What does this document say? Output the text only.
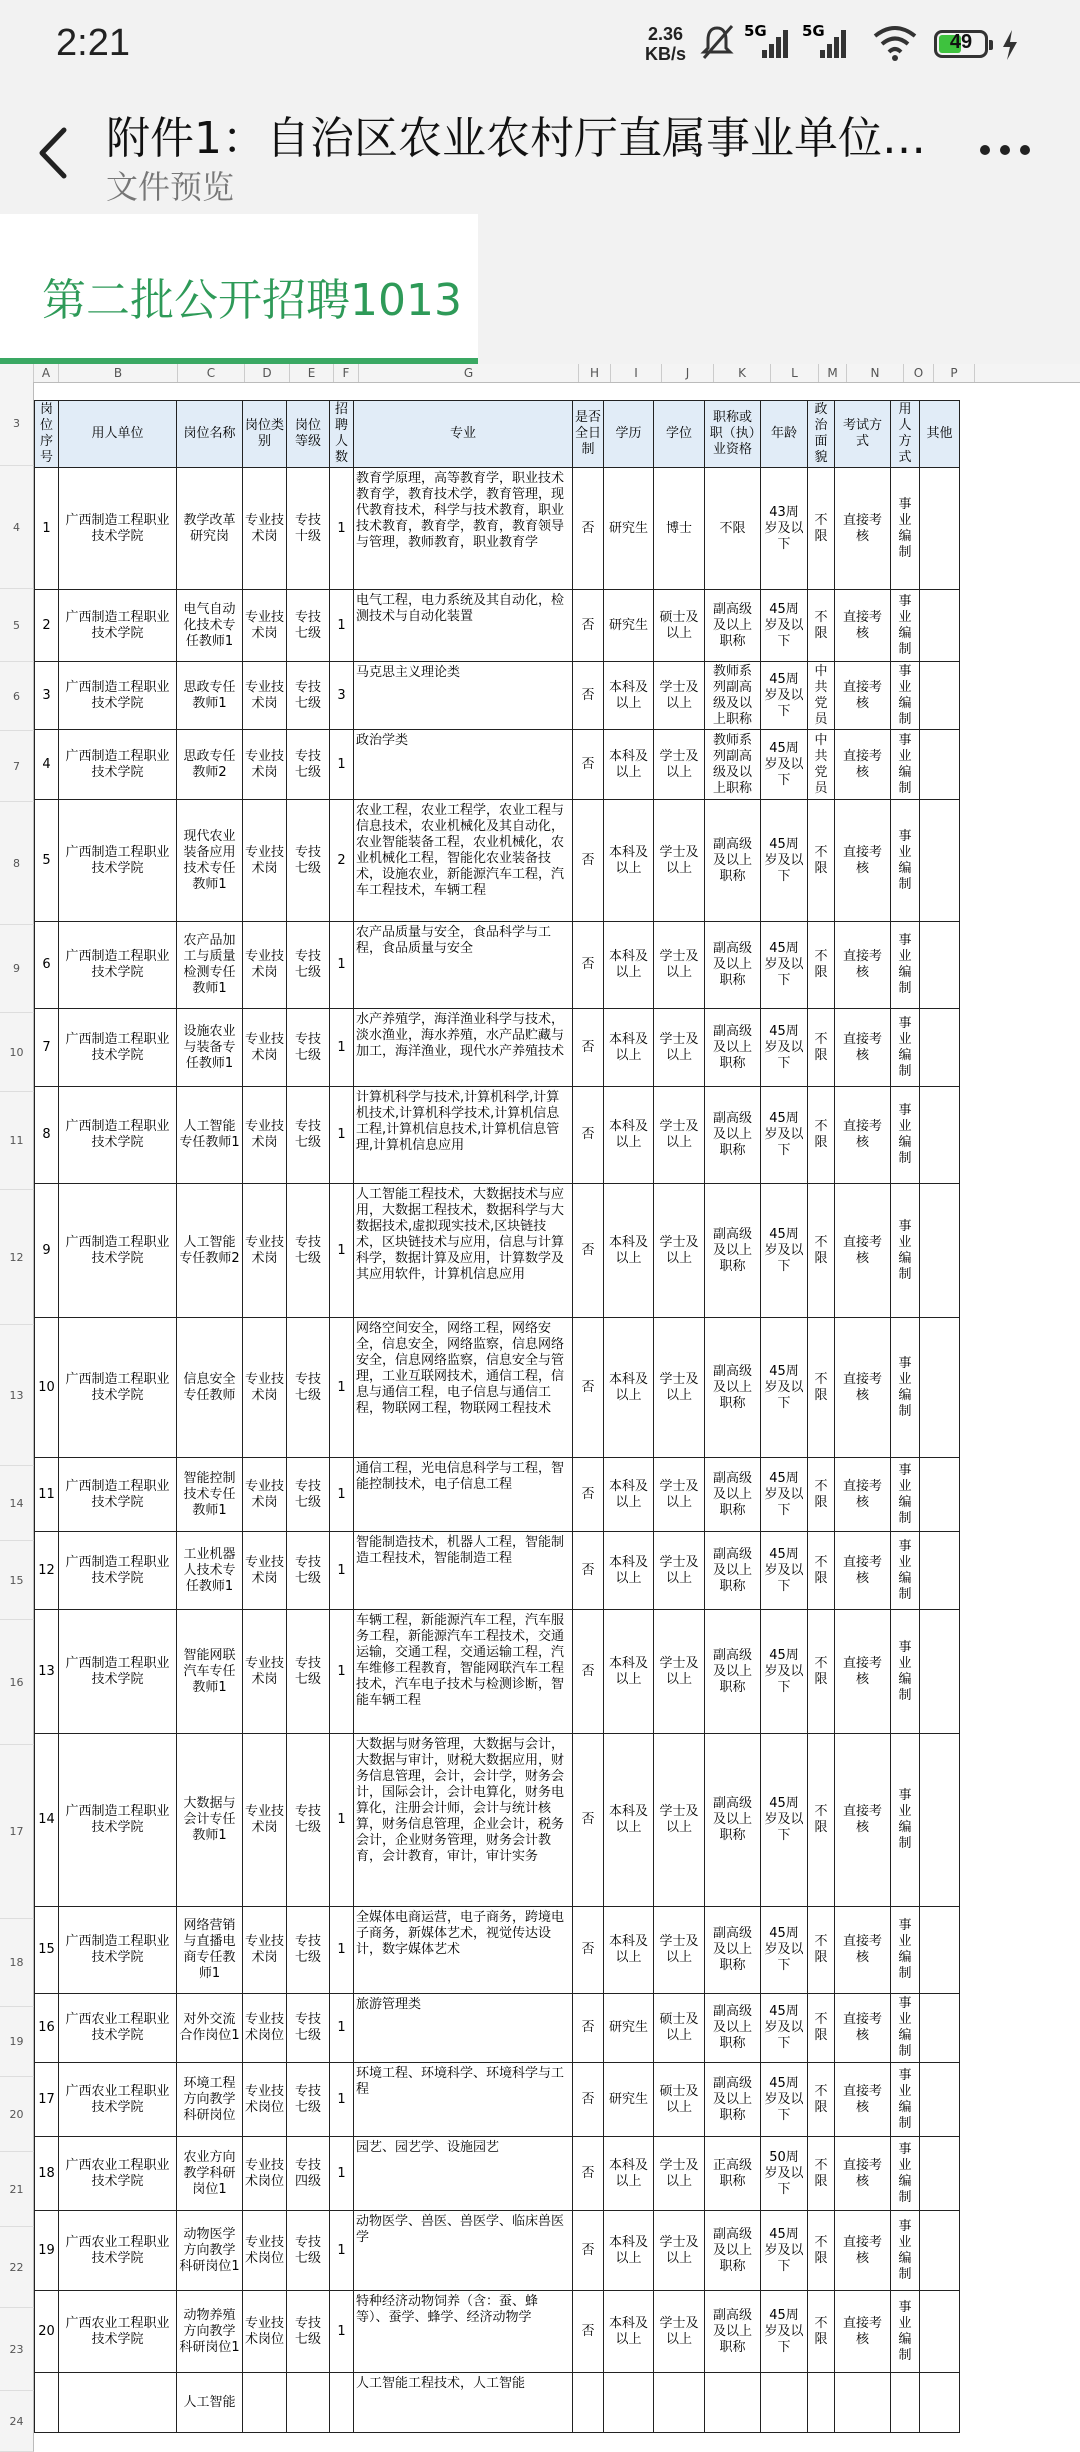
2:21	2.36
KB/s
5G 5G	49
附件1：自治区农业农村厅直属事业单位…
文件预览
第二批公开招聘1013
A	B	C	D	E	F	G	H	I	J	K	L	M	N	O	P
3
4
5
6
7
8
9
10
11
12
13
14
15
16
17
18
19
20
21
22
23
24
岗位序号	用人单位	岗位名称	岗位类别	岗位等级	招聘人数	专业	是否全日制	学历	学位	职称或职（执）业资格	年龄	政治面貌	考试方式	用人方式	其他
1	广西制造工程职业技术学院	教学改革研究岗	专业技术岗	专技十级	1	教育学原理，高等教育学，职业技术教育学，教育技术学，教育管理，现代教育技术，科学与技术教育，职业技术教育，教育学，教育，教育领导与管理，教师教育，职业教育学	否	研究生	博士	不限	43周岁及以下	不限	直接考核	事业编制	
2	广西制造工程职业技术学院	电气自动化技术专任教师1	专业技术岗	专技七级	1	电气工程，电力系统及其自动化，检测技术与自动化装置	否	研究生	硕士及以上	副高级及以上职称	45周岁及以下	不限	直接考核	事业编制	
3	广西制造工程职业技术学院	思政专任教师1	专业技术岗	专技七级	3	马克思主义理论类	否	本科及以上	学士及以上	教师系列副高级及以上职称	45周岁及以下	中共党员	直接考核	事业编制	
4	广西制造工程职业技术学院	思政专任教师2	专业技术岗	专技七级	1	政治学类	否	本科及以上	学士及以上	教师系列副高级及以上职称	45周岁及以下	中共党员	直接考核	事业编制	
5	广西制造工程职业技术学院	现代农业装备应用技术专任教师1	专业技术岗	专技七级	2	农业工程，农业工程学，农业工程与信息技术，农业机械化及其自动化，农业智能装备工程，农业机械化，农业机械化工程，智能化农业装备技术，设施农业，新能源汽车工程，汽车工程技术，车辆工程	否	本科及以上	学士及以上	副高级及以上职称	45周岁及以下	不限	直接考核	事业编制	
6	广西制造工程职业技术学院	农产品加工与质量检测专任教师1	专业技术岗	专技七级	1	农产品质量与安全，食品科学与工程，食品质量与安全	否	本科及以上	学士及以上	副高级及以上职称	45周岁及以下	不限	直接考核	事业编制	
7	广西制造工程职业技术学院	设施农业与装备专任教师1	专业技术岗	专技七级	1	水产养殖学，海洋渔业科学与技术，淡水渔业，海水养殖，水产品贮藏与加工，海洋渔业，现代水产养殖技术	否	本科及以上	学士及以上	副高级及以上职称	45周岁及以下	不限	直接考核	事业编制	
8	广西制造工程职业技术学院	人工智能专任教师1	专业技术岗	专技七级	1	计算机科学与技术,计算机科学,计算机技术,计算机科学技术,计算机信息工程,计算机信息技术,计算机信息管理,计算机信息应用	否	本科及以上	学士及以上	副高级及以上职称	45周岁及以下	不限	直接考核	事业编制	
9	广西制造工程职业技术学院	人工智能专任教师2	专业技术岗	专技七级	1	人工智能工程技术，大数据技术与应用，大数据工程技术，数据科学与大数据技术,虚拟现实技术,区块链技术，区块链技术与应用，信息与计算科学，数据计算及应用，计算数学及其应用软件，计算机信息应用	否	本科及以上	学士及以上	副高级及以上职称	45周岁及以下	不限	直接考核	事业编制	
10	广西制造工程职业技术学院	信息安全专任教师	专业技术岗	专技七级	1	网络空间安全，网络工程，网络安全，信息安全，网络监察，信息网络安全，信息网络监察，信息安全与管理，工业互联网技术，通信工程，信息与通信工程，电子信息与通信工程，物联网工程，物联网工程技术	否	本科及以上	学士及以上	副高级及以上职称	45周岁及以下	不限	直接考核	事业编制	
11	广西制造工程职业技术学院	智能控制技术专任教师1	专业技术岗	专技七级	1	通信工程，光电信息科学与工程，智能控制技术，电子信息工程	否	本科及以上	学士及以上	副高级及以上职称	45周岁及以下	不限	直接考核	事业编制	
12	广西制造工程职业技术学院	工业机器人技术专任教师1	专业技术岗	专技七级	1	智能制造技术，机器人工程，智能制造工程技术，智能制造工程	否	本科及以上	学士及以上	副高级及以上职称	45周岁及以下	不限	直接考核	事业编制	
13	广西制造工程职业技术学院	智能网联汽车专任教师1	专业技术岗	专技七级	1	车辆工程，新能源汽车工程，汽车服务工程，新能源汽车工程技术，交通运输，交通工程，交通运输工程，汽车维修工程教育，智能网联汽车工程技术，汽车电子技术与检测诊断，智能车辆工程	否	本科及以上	学士及以上	副高级及以上职称	45周岁及以下	不限	直接考核	事业编制	
14	广西制造工程职业技术学院	大数据与会计专任教师1	专业技术岗	专技七级	1	大数据与财务管理，大数据与会计，大数据与审计，财税大数据应用，财务信息管理，会计，会计学，财务会计，国际会计，会计电算化，财务电算化，注册会计师，会计与统计核算，财务信息管理，企业会计，税务会计，企业财务管理，财务会计教育，会计教育，审计，审计实务	否	本科及以上	学士及以上	副高级及以上职称	45周岁及以下	不限	直接考核	事业编制	
15	广西制造工程职业技术学院	网络营销与直播电商专任教师1	专业技术岗	专技七级	1	全媒体电商运营，电子商务，跨境电子商务，新媒体艺术，视觉传达设计，数字媒体艺术	否	本科及以上	学士及以上	副高级及以上职称	45周岁及以下	不限	直接考核	事业编制	
16	广西农业工程职业技术学院	对外交流合作岗位1	专业技术岗位	专技七级	1	旅游管理类	否	研究生	硕士及以上	副高级及以上职称	45周岁及以下	不限	直接考核	事业编制	
17	广西农业工程职业技术学院	环境工程方向教学科研岗位	专业技术岗位	专技七级	1	环境工程、环境科学、环境科学与工程	否	研究生	硕士及以上	副高级及以上职称	45周岁及以下	不限	直接考核	事业编制	
18	广西农业工程职业技术学院	农业方向教学科研岗位1	专业技术岗位	专技四级	1	园艺、园艺学、设施园艺	否	本科及以上	学士及以上	正高级职称	50周岁及以下	不限	直接考核	事业编制	
19	广西农业工程职业技术学院	动物医学方向教学科研岗位1	专业技术岗位	专技七级	1	动物医学、兽医、兽医学、临床兽医学	否	本科及以上	学士及以上	副高级及以上职称	45周岁及以下	不限	直接考核	事业编制	
20	广西农业工程职业技术学院	动物养殖方向教学科研岗位1	专业技术岗位	专技七级	1	特种经济动物饲养（含：蚕、蜂等）、蚕学、蜂学、经济动物学	否	本科及以上	学士及以上	副高级及以上职称	45周岁及以下	不限	直接考核	事业编制	
		人工智能				人工智能工程技术，人工智能									
